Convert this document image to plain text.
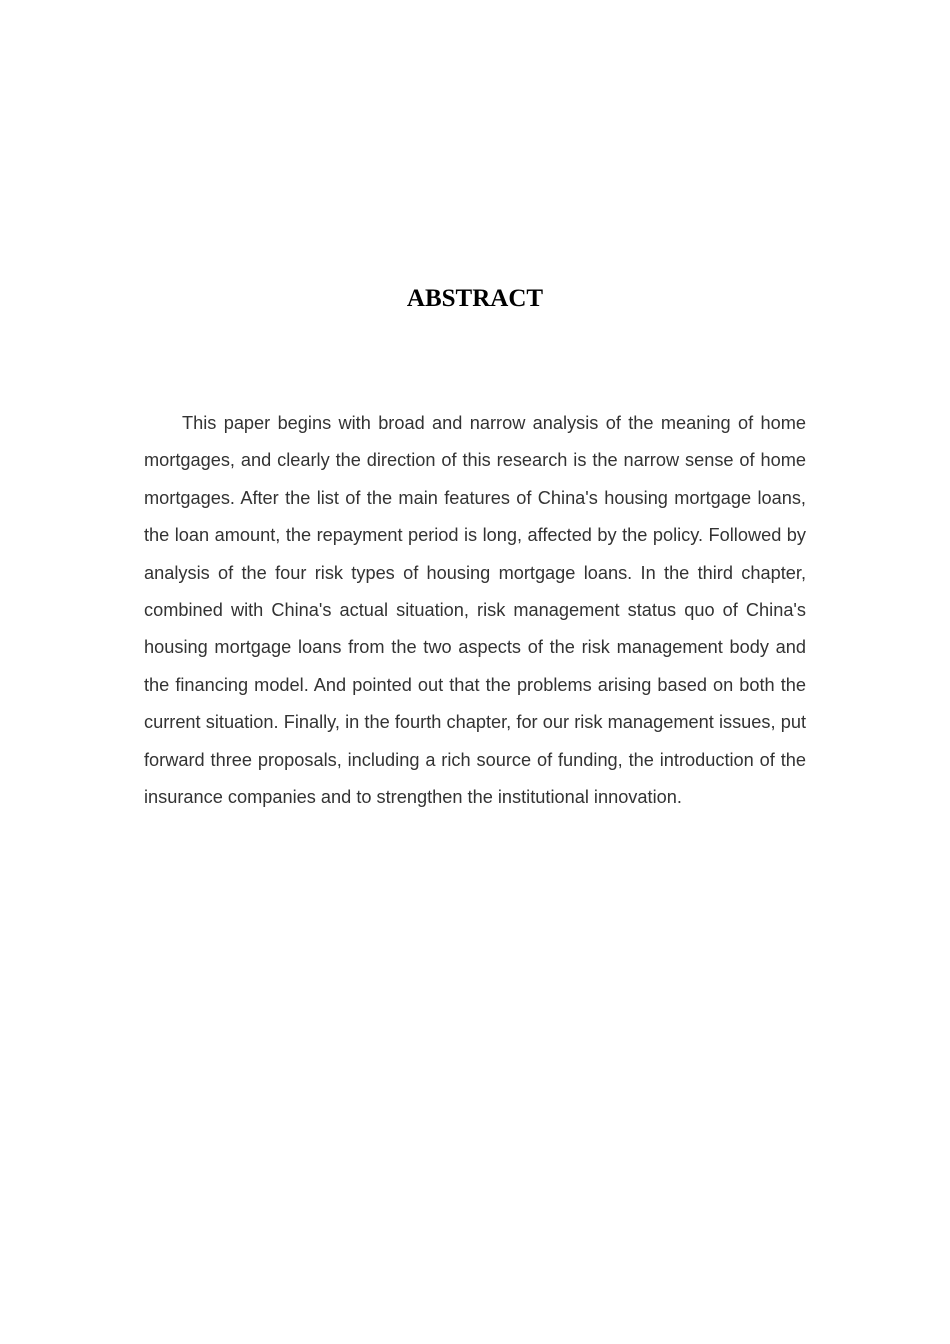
ABSTRACT

This paper begins with broad and narrow analysis of the meaning of home mortgages, and clearly the direction of this research is the narrow sense of home mortgages. After the list of the main features of China's housing mortgage loans, the loan amount, the repayment period is long, affected by the policy. Followed by analysis of the four risk types of housing mortgage loans. In the third chapter, combined with China's actual situation, risk management status quo of China's housing mortgage loans from the two aspects of the risk management body and the financing model. And pointed out that the problems arising based on both the current situation. Finally, in the fourth chapter, for our risk management issues, put forward three proposals, including a rich source of funding, the introduction of the insurance companies and to strengthen the institutional innovation.
